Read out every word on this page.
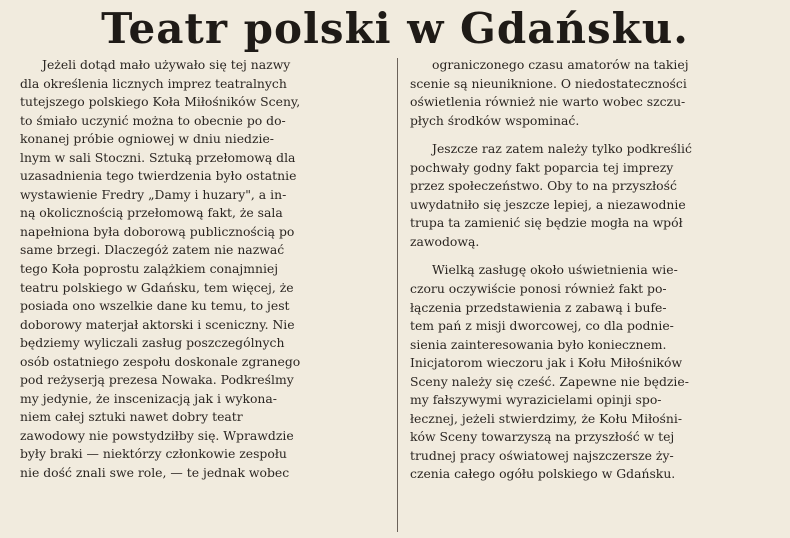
Teatr polski w Gdańsku.
Jeżeli dotąd mało używało się tej nazwy
dla określenia licznych imprez teatralnych
tutejszego polskiego Koła Miłośników Sceny,
to śmiało uczynić można to obecnie po do-
konanej próbie ogniowej w dniu niedzie-
lnym w sali Stoczni. Sztuką przełomową dla
uzasadnienia tego twierdzenia było ostatnie
wystawienie Fredry „Damy i huzary", a in-
ną okolicznością przełomową fakt, że sala
napełniona była doborową publicznością po
same brzegi. Dlaczegóż zatem nie nazwać
tego Koła poprostu zalążkiem conajmniej
teatru polskiego w Gdańsku, tem więcej, że
posiada ono wszelkie dane ku temu, to jest
doborowy materjał aktorski i sceniczny. Nie
będziemy wyliczali zasług poszczególnych
osób ostatniego zespołu doskonale zgranego
pod reżyserją prezesa Nowaka. Podkreślmy
my jedynie, że inscenizacją jak i wykona-
niem całej sztuki nawet dobry teatr
zawodowy nie powstydziłby się. Wprawdzie
były braki — niektórzy członkowie zespołu
nie dość znali swe role, — te jednak wobec
ograniczonego czasu amatorów na takiej
scenie są nieuniknione. O niedostateczności
oświetlenia również nie warto wobec szczu-
płych środków wspominać.
Jeszcze raz zatem należy tylko podkreślić
pochwały godny fakt poparcia tej imprezy
przez społeczeństwo. Oby to na przyszłość
uwydatniło się jeszcze lepiej, a niezawodnie
trupa ta zamienić się będzie mogła na wpół
zawodową.
Wielką zasługę około uświetnienia wie-
czoru oczywiście ponosi również fakt po-
łączenia przedstawienia z zabawą i bufe-
tem pań z misji dworcowej, co dla podnie-
sienia zainteresowania było koniecznem.
Inicjatorom wieczoru jak i Kołu Miłośników
Sceny należy się cześć. Zapewne nie będzie-
my fałszywymi wyrazicielami opinji spo-
łecznej, jeżeli stwierdzimy, że Kołu Miłośni-
ków Sceny towarzyszą na przyszłość w tej
trudnej pracy oświatowej najszczersze ży-
czenia całego ogółu polskiego w Gdańsku.
